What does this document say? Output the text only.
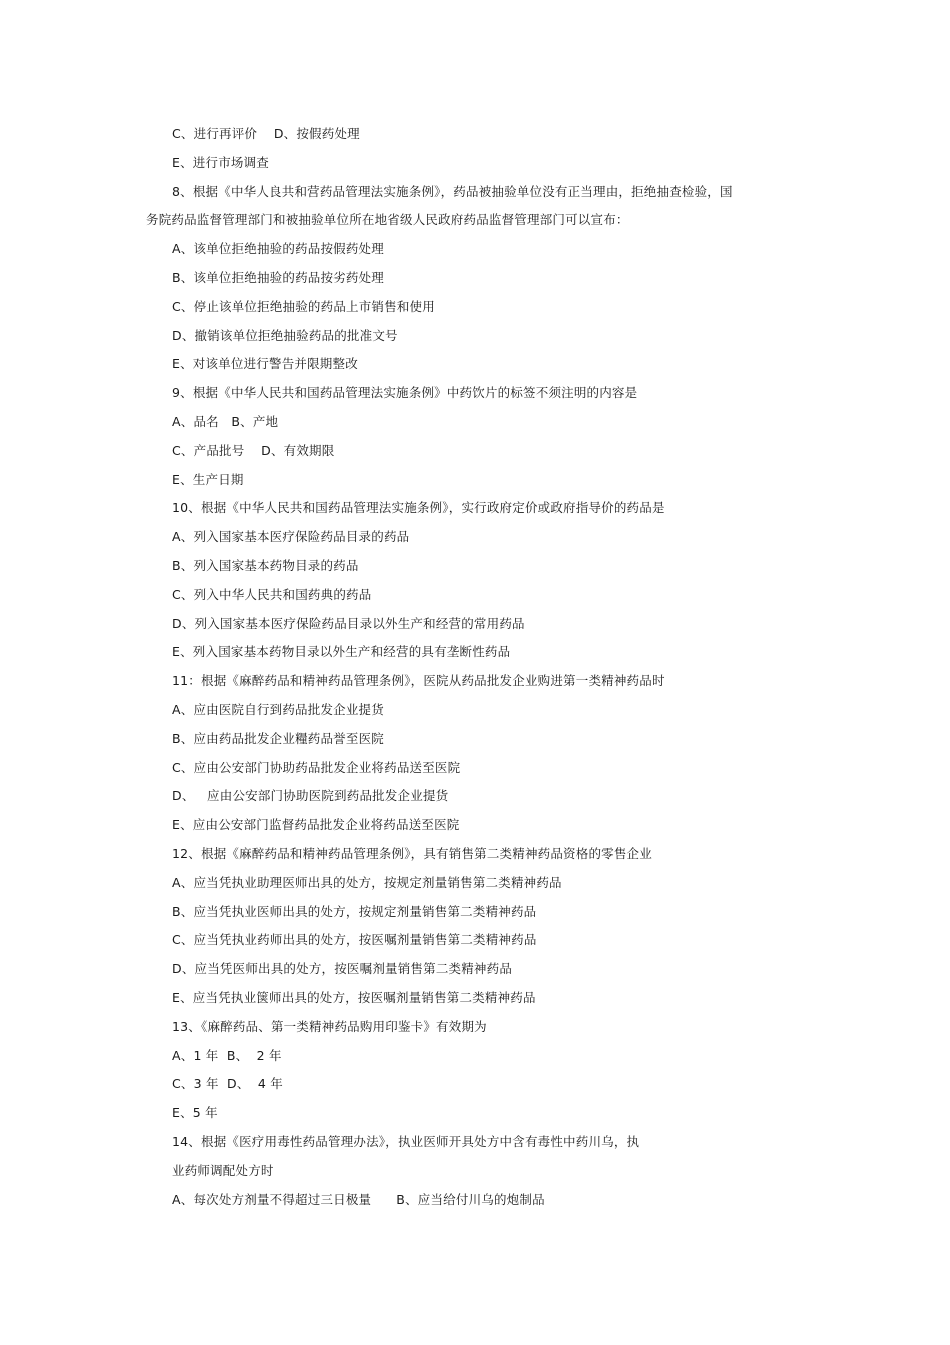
C、进行再评价    D、按假药处理
E、进行市场调查
8、根据《中华人良共和营药品管理法实施条例》，药品被抽验单位没有正当理由，拒绝抽查检验，国
务院药品监督管理部门和被抽验单位所在地省级人民政府药品监督管理部门可以宣布：
A、该单位拒绝抽验的药品按假药处理
B、该单位拒绝抽验的药品按劣药处理
C、停止该单位拒绝抽验的药品上市销售和使用
D、撤销该单位拒绝抽验药品的批准文号
E、对该单位进行警告并限期整改
9、根据《中华人民共和国药品管理法实施条例》中药饮片的标签不须注明的内容是
A、品名   B、产地
C、产品批号    D、有效期限
E、生产日期
10、根据《中华人民共和国药品管理法实施条例》，实行政府定价或政府指导价的药品是
A、列入国家基本医疗保险药品目录的药品
B、列入国家基本药物目录的药品
C、列入中华人民共和国药典的药品
D、列入国家基本医疗保险药品目录以外生产和经营的常用药品
E、列入国家基本药物目录以外生产和经营的具有垄断性药品
11：根据《麻醉药品和精神药品管理条例》，医院从药品批发企业购进第一类精神药品时
A、应由医院自行到药品批发企业提货
B、应由药品批发企业糧药品誉至医院
C、应由公安部门协助药品批发企业将药品送至医院
D、   应由公安部门协助医院到药品批发企业提货
E、应由公安部门监督药品批发企业将药品送至医院
12、根据《麻醉药品和精神药品管理条例》，具有销售第二类精神药品资格的零售企业
A、应当凭执业助理医师出具的处方，按规定剂量销售第二类精神药品
B、应当凭执业医师出具的处方，按规定剂量销售第二类精神药品
C、应当凭执业药师出具的处方，按医嘱剂量销售第二类精神药品
D、应当凭医师出具的处方，按医嘱剂量销售第二类精神药品
E、应当凭执业箧师出具的处方，按医嘱剂量销售第二类精神药品
13、《麻醉药品、第一类精神药品购用印鉴卡》有效期为
A、1 年  B、  2 年
C、3 年  D、  4 年
E、5 年
14、根据《医疗用毒性药品管理办法》，执业医师开具处方中含有毒性中药川乌，执
业药师调配处方时
A、每次处方剂量不得超过三日极量      B、应当给付川乌的炮制品
